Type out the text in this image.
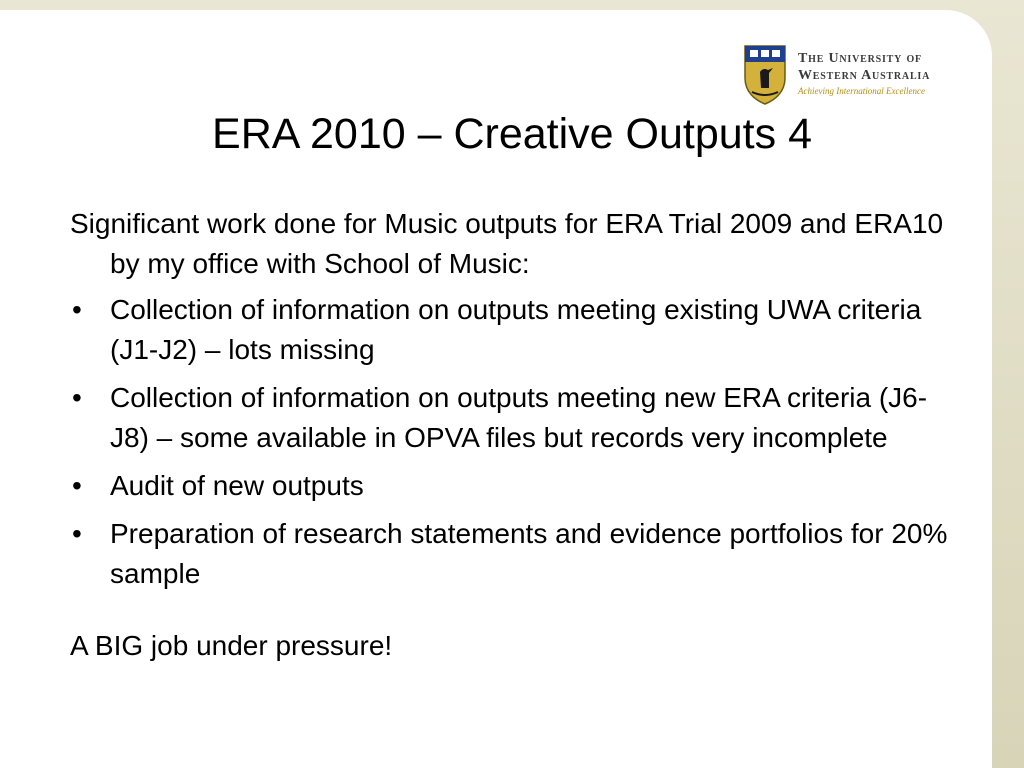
The University of
Western Australia
Achieving International Excellence
ERA 2010 – Creative Outputs 4

Significant work done for Music outputs for ERA Trial 2009 and ERA10 by my office with School of Music:

• Collection of information on outputs meeting existing UWA criteria (J1-J2) – lots missing
• Collection of information on outputs meeting new ERA criteria (J6-J8) – some available in OPVA files but records very incomplete
• Audit of new outputs
• Preparation of research statements and evidence portfolios for 20% sample

A BIG job under pressure!
